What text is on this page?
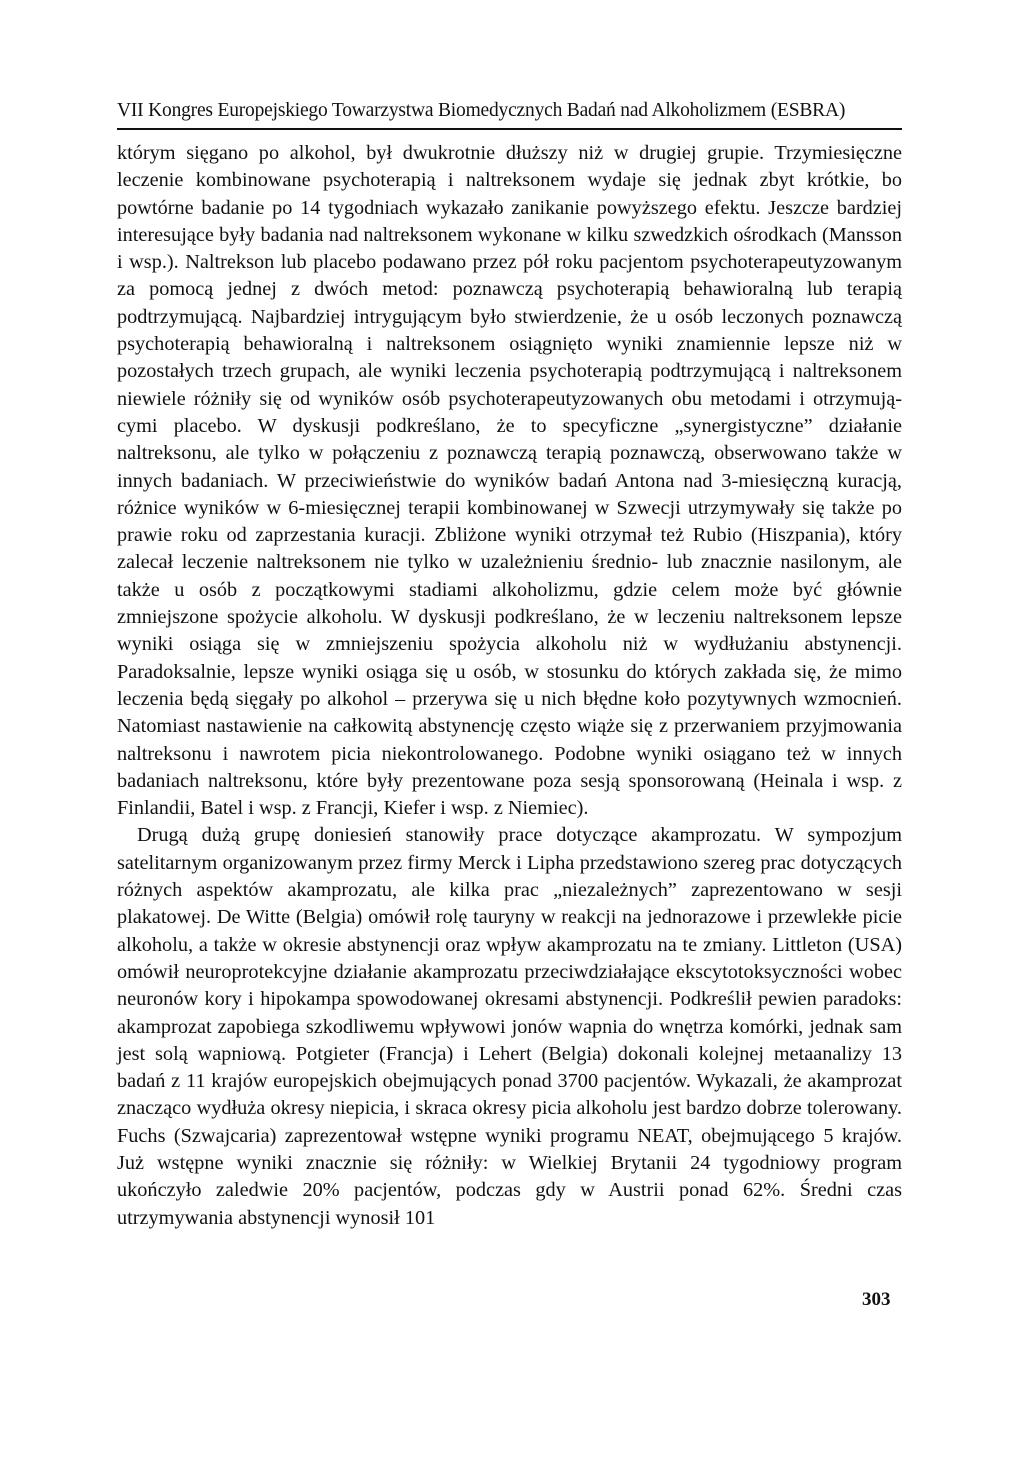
VII Kongres Europejskiego Towarzystwa Biomedycznych Badań nad Alkoholizmem (ESBRA)

którym sięgano po alkohol, był dwukrotnie dłuższy niż w drugiej grupie. Trzymiesięczne leczenie kombinowane psychoterapią i naltreksonem wydaje się jednak zbyt krótkie, bo powtórne badanie po 14 tygodniach wykazało zanikanie powyższego efektu. Jeszcze bardziej interesujące były badania nad naltreksonem wykonane w kilku szwedzkich ośrodkach (Mansson i wsp.). Naltrekson lub placebo podawano przez pół roku pacjentom psychoterapeutyzowanym za pomocą jednej z dwóch metod: poznawczą psychoterapią behawioralną lub terapią podtrzymującą. Najbardziej intrygującym było stwierdzenie, że u osób leczonych poznawczą psychoterapią behawioralną i naltreksonem osiągnięto wyniki znamiennie lepsze niż w pozostałych trzech grupach, ale wyniki leczenia psychoterapią podtrzymującą i naltreksonem niewiele różniły się od wyników osób psychoterapeutyzowanych obu metodami i otrzymującymi placebo. W dyskusji podkreślano, że to specyficzne „synergistyczne” działanie naltreksonu, ale tylko w połączeniu z poznawczą terapią poznawczą, obserwowano także w innych badaniach. W przeciwieństwie do wyników badań Antona nad 3-miesięczną kuracją, różnice wyników w 6-miesięcznej terapii kombinowanej w Szwecji utrzymywały się także po prawie roku od zaprzestania kuracji. Zbliżone wyniki otrzymał też Rubio (Hiszpania), który zalecał leczenie naltreksonem nie tylko w uzależnieniu średnio- lub znacznie nasilonym, ale także u osób z początkowymi stadiami alkoholizmu, gdzie celem może być głównie zmniejszone spożycie alkoholu. W dyskusji podkreślano, że w leczeniu naltreksonem lepsze wyniki osiąga się w zmniejszeniu spożycia alkoholu niż w wydłużaniu abstynencji. Paradoksalnie, lepsze wyniki osiąga się u osób, w stosunku do których zakłada się, że mimo leczenia będą sięgały po alkohol – przerywa się u nich błędne koło pozytywnych wzmocnień. Natomiast nastawienie na całkowitą abstynencję często wiąże się z przerwaniem przyjmowania naltreksonu i nawrotem picia niekontrolowanego. Podobne wyniki osiągano też w innych badaniach naltreksonu, które były prezentowane poza sesją sponsorowaną (Heinala i wsp. z Finlandii, Batel i wsp. z Francji, Kiefer i wsp. z Niemiec).

Drugą dużą grupę doniesień stanowiły prace dotyczące akamprozatu. W sympozjum satelitarnym organizowanym przez firmy Merck i Lipha przedstawiono szereg prac dotyczących różnych aspektów akamprozatu, ale kilka prac „niezależnych” zaprezentowano w sesji plakatowej. De Witte (Belgia) omówił rolę tauryny w reakcji na jednorazowe i przewlekłe picie alkoholu, a także w okresie abstynencji oraz wpływ akamprozatu na te zmiany. Littleton (USA) omówił neuroprotekcyjne działanie akamprozatu przeciwdziałające ekscytotoksyczności wobec neuronów kory i hipokampa spowodowanej okresami abstynencji. Podkreślił pewien paradoks: akamprozat zapobiega szkodliwemu wpływowi jonów wapnia do wnętrza komórki, jednak sam jest solą wapniową. Potgieter (Francja) i Lehert (Belgia) dokonali kolejnej metaanalizy 13 badań z 11 krajów europejskich obejmujących ponad 3700 pacjentów. Wykazali, że akamprozat znacząco wydłuża okresy niepicia, i skraca okresy picia alkoholu jest bardzo dobrze tolerowany. Fuchs (Szwajcaria) zaprezentował wstępne wyniki programu NEAT, obejmującego 5 krajów. Już wstępne wyniki znacznie się różniły: w Wielkiej Brytanii 24 tygodniowy program ukończyło zaledwie 20% pacjentów, podczas gdy w Austrii ponad 62%. Średni czas utrzymywania abstynencji wynosił 101

303
